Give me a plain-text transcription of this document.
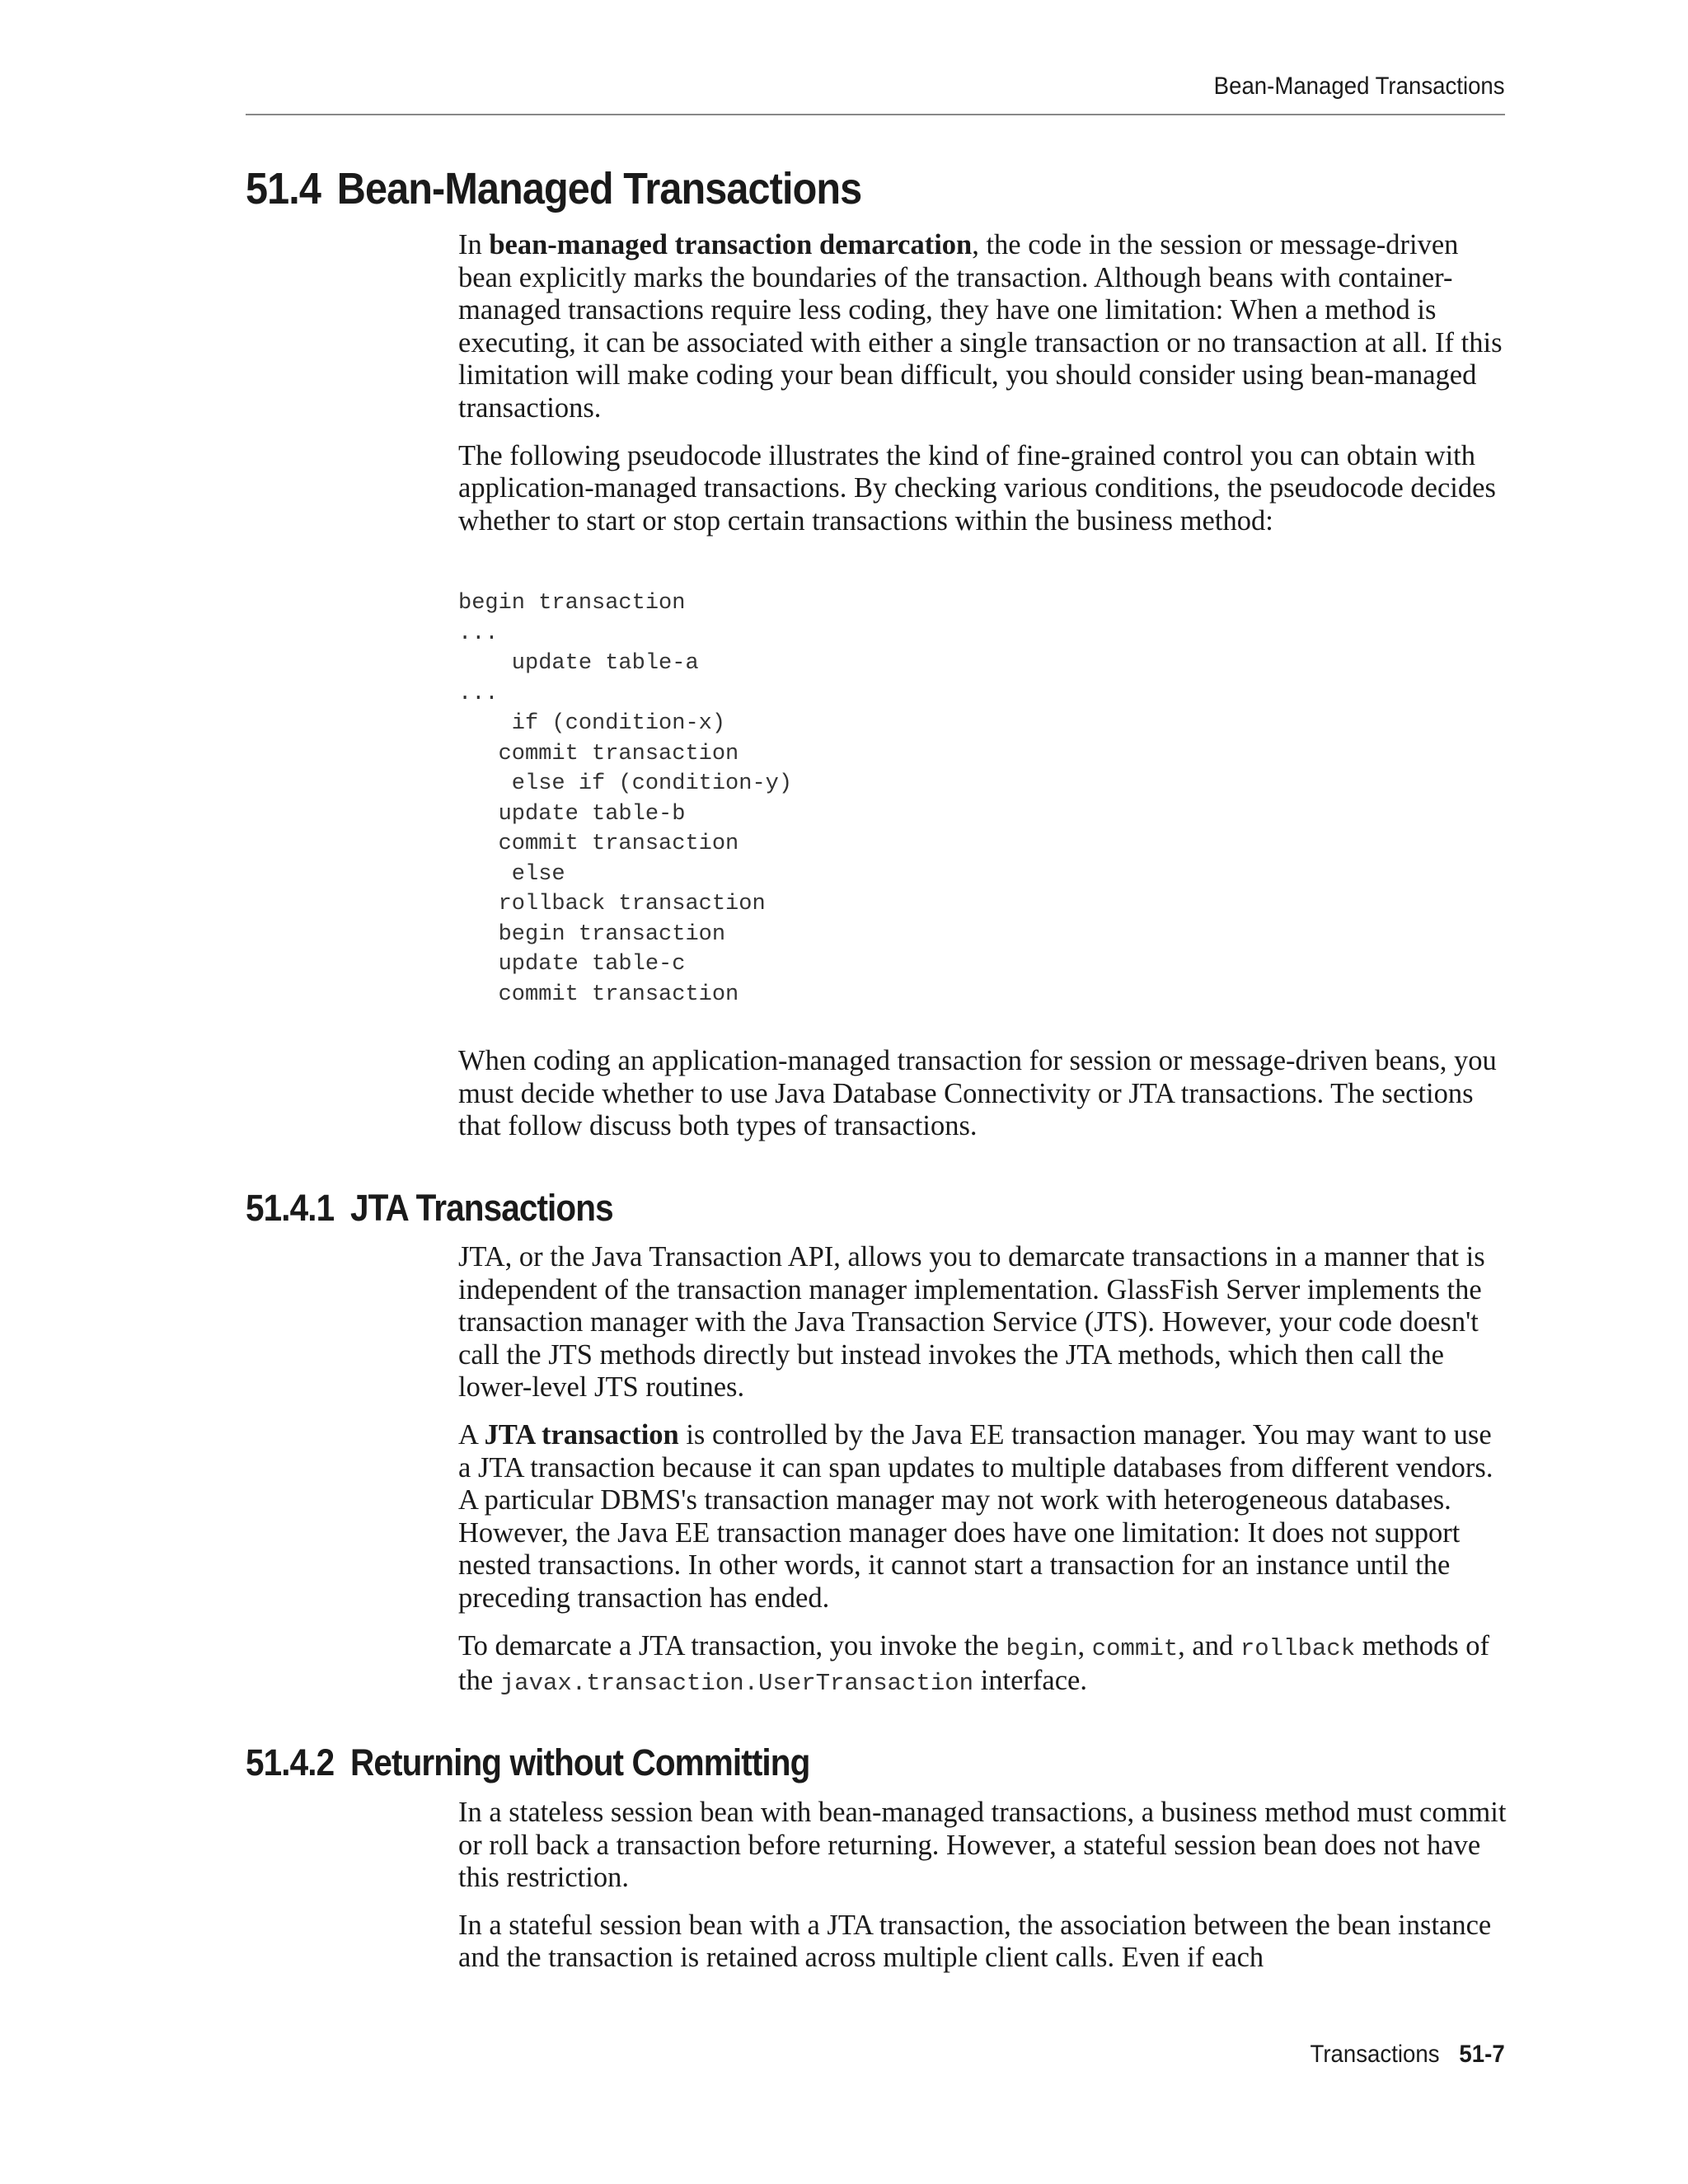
Bean-Managed Transactions
51.4 Bean-Managed Transactions

In bean-managed transaction demarcation, the code in the session or message-driven bean explicitly marks the boundaries of the transaction. Although beans with container-managed transactions require less coding, they have one limitation: When a method is executing, it can be associated with either a single transaction or no transaction at all. If this limitation will make coding your bean difficult, you should consider using bean-managed transactions.

The following pseudocode illustrates the kind of fine-grained control you can obtain with application-managed transactions. By checking various conditions, the pseudocode decides whether to start or stop certain transactions within the business method:

begin transaction
...
update table-a
...
if (condition-x)
commit transaction
else if (condition-y)
update table-b
commit transaction
else
rollback transaction
begin transaction
update table-c
commit transaction

When coding an application-managed transaction for session or message-driven beans, you must decide whether to use Java Database Connectivity or JTA transactions. The sections that follow discuss both types of transactions.

51.4.1 JTA Transactions

JTA, or the Java Transaction API, allows you to demarcate transactions in a manner that is independent of the transaction manager implementation. GlassFish Server implements the transaction manager with the Java Transaction Service (JTS). However, your code doesn't call the JTS methods directly but instead invokes the JTA methods, which then call the lower-level JTS routines.

A JTA transaction is controlled by the Java EE transaction manager. You may want to use a JTA transaction because it can span updates to multiple databases from different vendors. A particular DBMS's transaction manager may not work with heterogeneous databases. However, the Java EE transaction manager does have one limitation: It does not support nested transactions. In other words, it cannot start a transaction for an instance until the preceding transaction has ended.

To demarcate a JTA transaction, you invoke the begin, commit, and rollback methods of the javax.transaction.UserTransaction interface.

51.4.2 Returning without Committing

In a stateless session bean with bean-managed transactions, a business method must commit or roll back a transaction before returning. However, a stateful session bean does not have this restriction.

In a stateful session bean with a JTA transaction, the association between the bean instance and the transaction is retained across multiple client calls. Even if each

Transactions 51-7
